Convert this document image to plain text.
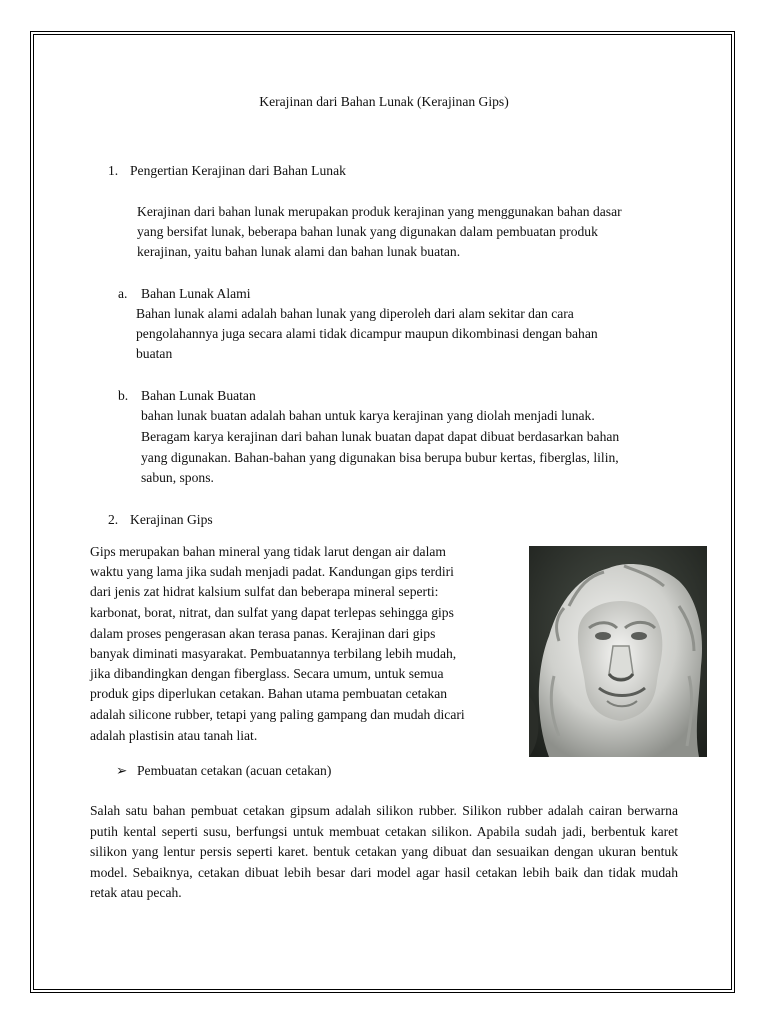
Kerajinan dari Bahan Lunak (Kerajinan Gips)

1. Pengertian Kerajinan dari Bahan Lunak

Kerajinan dari bahan lunak merupakan produk kerajinan yang menggunakan bahan dasar

yang bersifat lunak, beberapa bahan lunak yang digunakan dalam pembuatan produk

kerajinan, yaitu bahan lunak alami dan bahan lunak buatan.

a. Bahan Lunak Alami

Bahan lunak alami adalah bahan lunak yang diperoleh dari alam sekitar dan cara

pengolahannya juga secara alami tidak dicampur maupun dikombinasi dengan bahan

buatan

b. Bahan Lunak Buatan

bahan lunak buatan adalah bahan untuk karya kerajinan yang diolah menjadi lunak.

Beragam karya kerajinan dari bahan lunak buatan dapat dapat dibuat berdasarkan bahan

yang digunakan. Bahan-bahan yang digunakan bisa berupa bubur kertas, fiberglas, lilin,

sabun, spons.

2. Kerajinan Gips

Gips merupakan bahan mineral yang tidak larut dengan air dalam

waktu yang lama jika sudah menjadi padat. Kandungan gips terdiri

dari jenis zat hidrat kalsium sulfat dan beberapa mineral seperti:

karbonat, borat, nitrat, dan sulfat yang dapat terlepas sehingga gips

dalam proses pengerasan akan terasa panas. Kerajinan dari gips

banyak diminati masyarakat. Pembuatannya terbilang lebih mudah,

jika dibandingkan dengan fiberglass. Secara umum, untuk semua

produk gips diperlukan cetakan. Bahan utama pembuatan cetakan

adalah silicone rubber, tetapi yang paling gampang dan mudah dicari

adalah plastisin atau tanah liat.

➢ Pembuatan cetakan (acuan cetakan)

Salah satu bahan pembuat cetakan gipsum adalah silikon rubber. Silikon rubber adalah cairan berwarna putih kental seperti susu, berfungsi untuk membuat cetakan silikon. Apabila sudah jadi, berbentuk karet silikon yang lentur persis seperti karet. bentuk cetakan yang dibuat dan sesuaikan dengan ukuran bentuk model. Sebaiknya, cetakan dibuat lebih besar dari model agar hasil cetakan lebih baik dan tidak mudah retak atau pecah.
